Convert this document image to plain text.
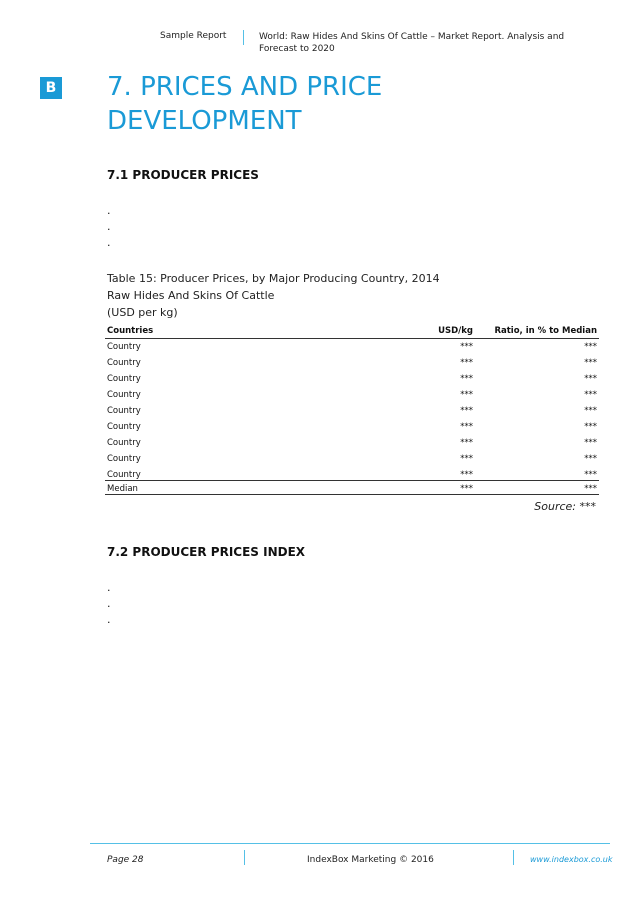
Sample Report	World: Raw Hides And Skins Of Cattle – Market Report. Analysis and Forecast to 2020
B 7. PRICES AND PRICE DEVELOPMENT
7.1 PRODUCER PRICES
.
.
.
Table 15: Producer Prices, by Major Producing Country, 2014
Raw Hides And Skins Of Cattle
(USD per kg)
Countries	USD/kg	Ratio, in % to Median
Country	***	***
Country	***	***
Country	***	***
Country	***	***
Country	***	***
Country	***	***
Country	***	***
Country	***	***
Country	***	***
Median	***	***
Source: ***
7.2 PRODUCER PRICES INDEX
.
.
.
Page 28	IndexBox Marketing © 2016	www.indexbox.co.uk
